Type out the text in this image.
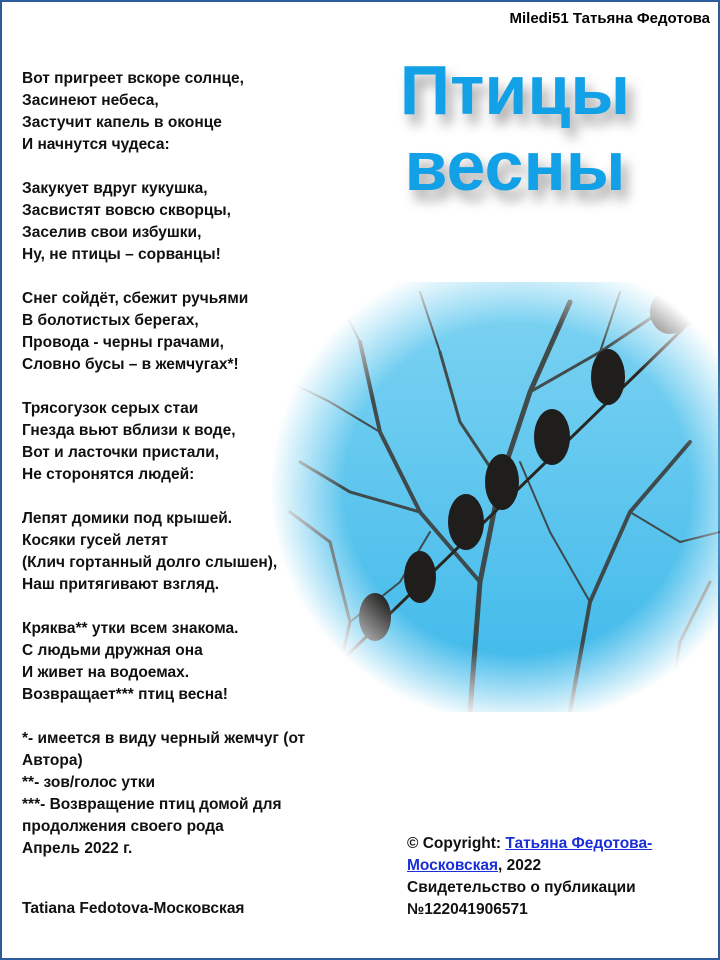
Miledi51 Татьяна Федотова
Птицы
весны
Вот пригреет вскоре солнце,
Засинеют небеса,
Застучит капель в оконце
И начнутся чудеса:
Закукует вдруг кукушка,
Засвистят вовсю скворцы,
Заселив свои избушки,
Ну, не птицы – сорванцы!
Снег сойдёт, сбежит ручьями
В болотистых берегах,
Провода - черны грачами,
Словно бусы – в жемчугах*!
Трясогузок серых стаи
Гнезда вьют вблизи к воде,
Вот и ласточки пристали,
Не сторонятся людей:
Лепят домики под крышей.
Косяки гусей летят
(Клич гортанный долго слышен),
Наш притягивают взгляд.
Кряква** утки всем знакома.
С людьми дружная она
И живет на водоемах.
Возвращает*** птиц весна!
*- имеется в виду черный жемчуг (от
Автора)
**- зов/голос утки
***- Возвращение птиц домой для
продолжения своего рода
Апрель 2022 г.
Tatiana Fedotova-Московская
© Copyright: Татьяна Федотова-
Московская, 2022
Свидетельство о публикации
№122041906571
